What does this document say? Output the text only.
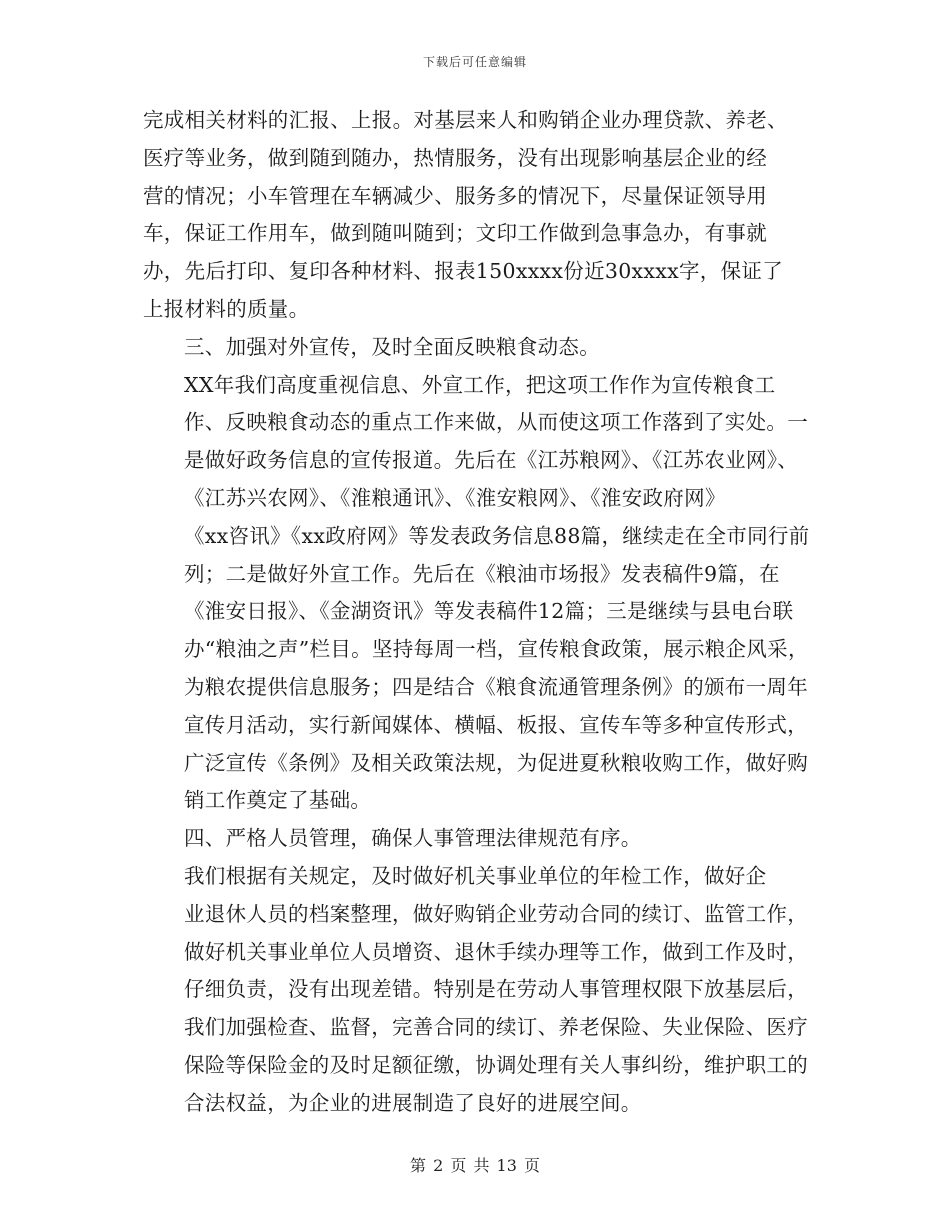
下载后可任意编辑

完成相关材料的汇报、上报。对基层来人和购销企业办理贷款、养老、
医疗等业务，做到随到随办，热情服务，没有出现影响基层企业的经
营的情况；小车管理在车辆减少、服务多的情况下，尽量保证领导用
车，保证工作用车，做到随叫随到；文印工作做到急事急办，有事就
办，先后打印、复印各种材料、报表150xxxx份近30xxxx字，保证了
上报材料的质量。

三、加强对外宣传，及时全面反映粮食动态。

XX年我们高度重视信息、外宣工作，把这项工作作为宣传粮食工
作、反映粮食动态的重点工作来做，从而使这项工作落到了实处。一
是做好政务信息的宣传报道。先后在《江苏粮网》、《江苏农业网》、
《江苏兴农网》、《淮粮通讯》、《淮安粮网》、《淮安政府网》
《xx咨讯》《xx政府网》等发表政务信息88篇，继续走在全市同行前
列；二是做好外宣工作。先后在《粮油市场报》发表稿件9篇，在
《淮安日报》、《金湖资讯》等发表稿件12篇；三是继续与县电台联
办“粮油之声”栏目。坚持每周一档，宣传粮食政策，展示粮企风采，
为粮农提供信息服务；四是结合《粮食流通管理条例》的颁布一周年
宣传月活动，实行新闻媒体、横幅、板报、宣传车等多种宣传形式，
广泛宣传《条例》及相关政策法规，为促进夏秋粮收购工作，做好购
销工作奠定了基础。

四、严格人员管理，确保人事管理法律规范有序。

我们根据有关规定，及时做好机关事业单位的年检工作，做好企
业退休人员的档案整理，做好购销企业劳动合同的续订、监管工作，
做好机关事业单位人员增资、退休手续办理等工作，做到工作及时，
仔细负责，没有出现差错。特别是在劳动人事管理权限下放基层后，
我们加强检查、监督，完善合同的续订、养老保险、失业保险、医疗
保险等保险金的及时足额征缴，协调处理有关人事纠纷，维护职工的
合法权益，为企业的进展制造了良好的进展空间。

第 2 页 共 13 页
